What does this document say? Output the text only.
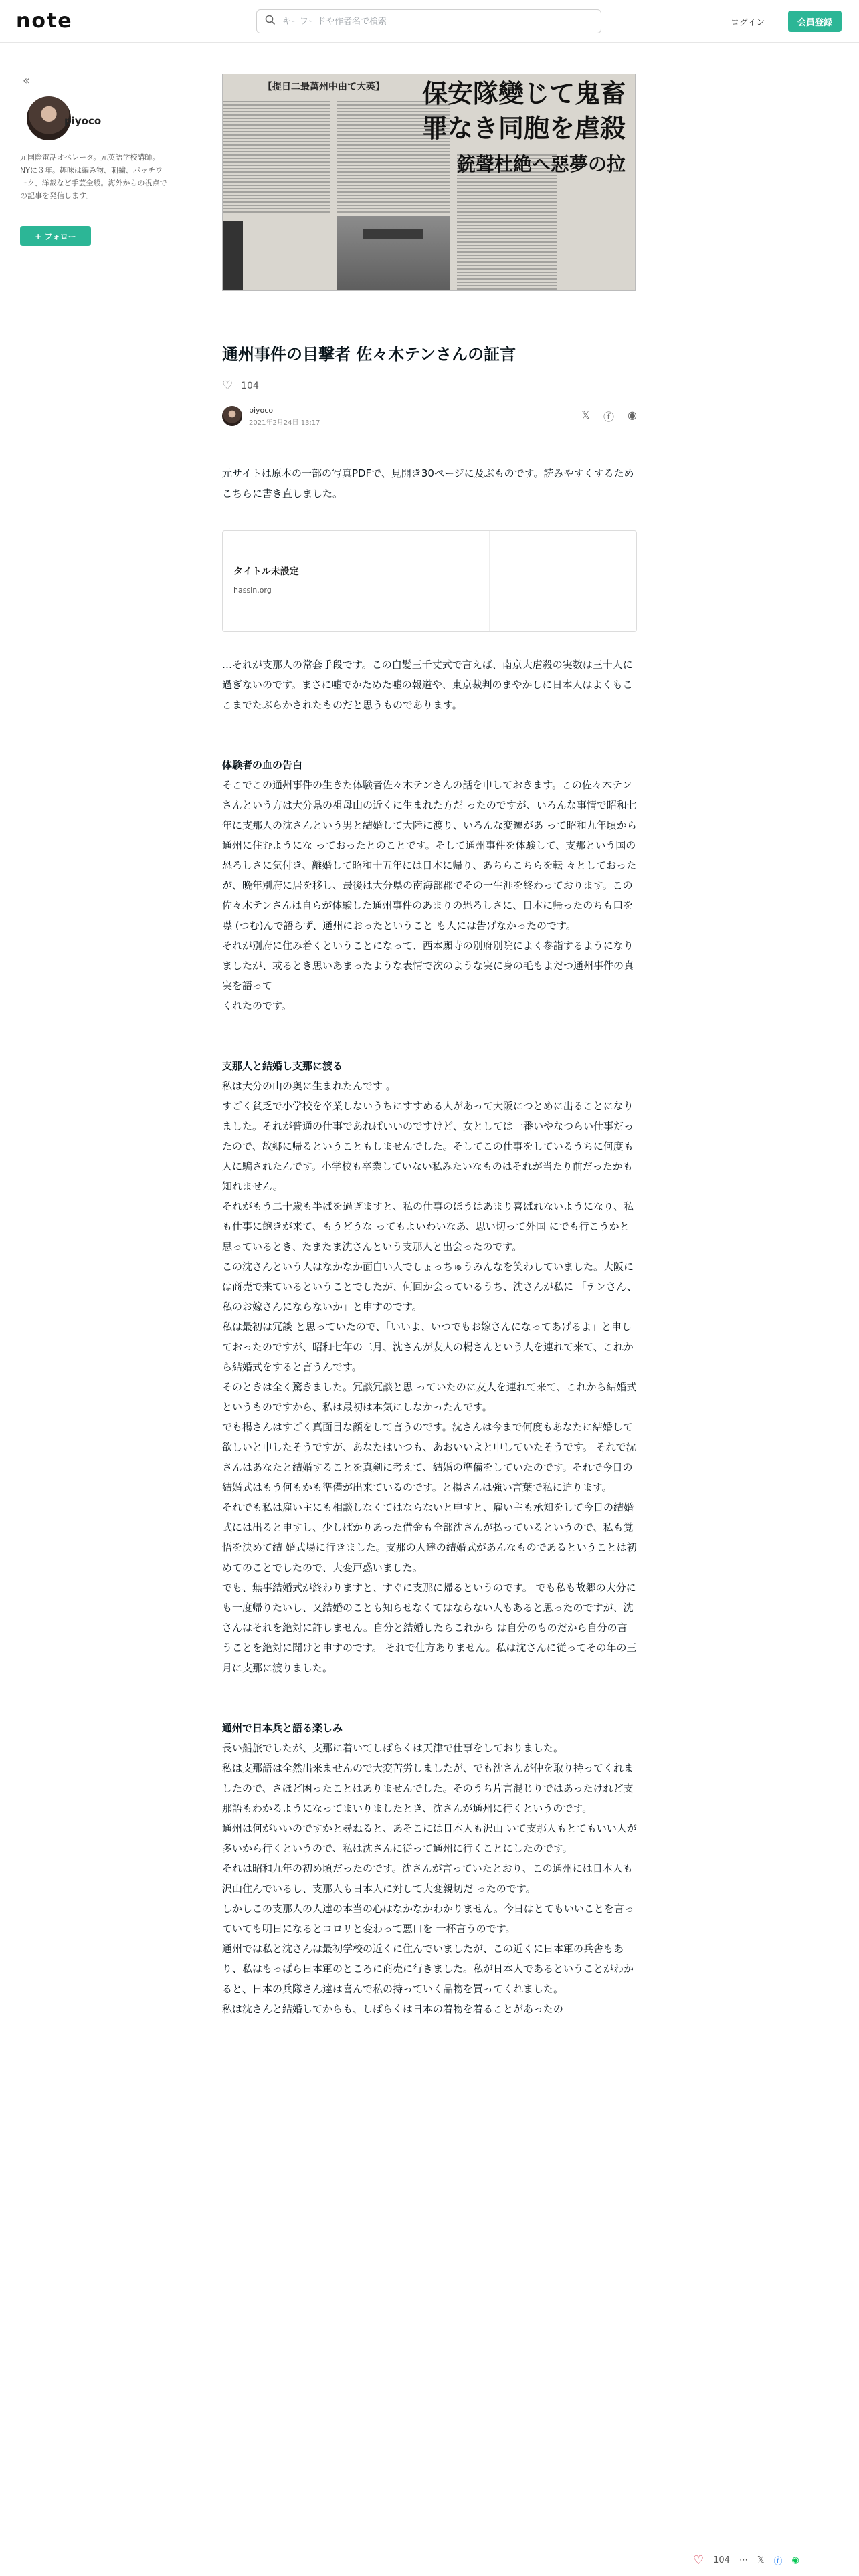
note
キーワードや作者名で検索	ログイン	会員登録
«
piyoco
元国際電話オペレータ。元英語学校講師。NYに３年。趣味は編み物、刺繍、パッチワーク、洋裁など手芸全般。海外からの視点での記事を発信します。
+ フォロー
【提日二最萬州中由て大英】 保安隊變じて鬼畜
罪なき同胞を虐殺
銃聲杜絶へ惡夢の拉
通州事件の目撃者 佐々木テンさんの証言
♡ 104
piyoco
2021年2月24日 13:17
𝕏 ⓕ ◉

元サイトは原本の一部の写真PDFで、見開き30ページに及ぶものです。読みやすくするためこちらに書き直しました。

タイトル未設定
hassin.org

…それが支那人の常套手段です。この白髪三千丈式で言えば、南京大虐殺の実数は三十人に過ぎないのです。まさに嘘でかためた嘘の報道や、東京裁判のまやかしに日本人はよくもここまでたぶらかされたものだと思うものであります。

体験者の血の告白

そこでこの通州事件の生きた体験者佐々木テンさんの話を申しておきます。この佐々木テンさんという方は大分県の祖母山の近くに生まれた方だ ったのですが、いろんな事情で昭和七年に支那人の沈さんという男と結婚して大陸に渡り、いろんな変遷があ って昭和九年頃から通州に住むようにな っておったとのことです。そして通州事件を体験して、支那という国の恐ろしさに気付き、離婚して昭和十五年には日本に帰り、あちらこちらを転 々としておったが、晩年別府に居を移し、最後は大分県の南海部郡でその一生涯を終わっております。この佐々木テンさんは自らが体験した通州事件のあまりの恐ろしさに、日本に帰ったのちも口を噤 (つむ)んで語らず、通州におったということ も人には告げなかったのです。

それが別府に住み着くということになって、西本願寺の別府別院によく参詣するようになりましたが、或るとき思いあまったような表情で次のような実に身の毛もよだつ通州事件の真実を語って

くれたのです。

支那人と結婚し支那に渡る

私は大分の山の奥に生まれたんです 。

すごく貧乏で小学校を卒業しないうちにすすめる人があって大阪につとめに出ることになりました。それが普通の仕事であればいいのですけど、女としては一番いやなつらい仕事だったので、故郷に帰るということもしませんでした。そしてこの仕事をしているうちに何度も人に騙されたんです。小学校も卒業していない私みたいなものはそれが当たり前だったかも知れません。

それがもう二十歳も半ばを過ぎますと、私の仕事のほうはあまり喜ばれないようになり、私も仕事に飽きが来て、もうどうな ってもよいわいなあ、思い切って外国 にでも行こうかと思っているとき、たまたま沈さんという支那人と出会ったのです。

この沈さんという人はなかなか面白い人でしょっちゅうみんなを笑わしていました。大阪には商売で来ているということでしたが、何回か会っているうち、沈さんが私に 「テンさん、私のお嫁さんにならないか」と申すのです。

私は最初は冗談 と思っていたので、「いいよ、いつでもお嫁さんになってあげるよ」と申しておったのですが、昭和七年の二月、沈さんが友人の楊さんという人を連れて来て、これから結婚式をすると言うんです。

そのときは全く驚きました。冗談冗談と思 っていたのに友人を連れて来て、これから結婚式というものですから、私は最初は本気にしなかったんです。

でも楊さんはすごく真面目な顔をして言うのです。沈さんは今まで何度もあなたに結婚して欲しいと申したそうですが、あなたはいつも、あおいいよと申していたそうです。 それで沈さんはあなたと結婚することを真剣に考えて、結婚の準備をしていたのです。それで今日の結婚式はもう何もかも準備が出来ているのです。と楊さんは強い言葉で私に迫ります。

それでも私は雇い主にも相談しなくてはならないと申すと、雇い主も承知をして今日の結婚式には出ると申すし、少しばかりあった借金も全部沈さんが払っているというので、私も覚悟を決めて結 婚式場に行きました。支那の人達の結婚式があんなものであるということは初めてのことでしたので、大変戸惑いました。

でも、無事結婚式が終わりますと、すぐに支那に帰るというのです。 でも私も故郷の大分にも一度帰りたいし、又結婚のことも知らせなくてはならない人もあると思ったのですが、沈さんはそれを絶対に許しません。自分と結婚したらこれから は自分のものだから自分の言うことを絶対に聞けと申すのです。 それで仕方ありません。私は沈さんに従ってその年の三月に支那に渡りました。

通州で日本兵と語る楽しみ

長い船旅でしたが、支那に着いてしばらくは天津で仕事をしておりました。

私は支那語は全然出来ませんので大変苦労しましたが、でも沈さんが仲を取り持ってくれましたので、さほど困ったことはありませんでした。そのうち片言混じりではあったけれど支那語もわかるようになってまいりましたとき、沈さんが通州に行くというのです。

通州は何がいいのですかと尋ねると、あそこには日本人も沢山 いて支那人もとてもいい人が多いから行くというので、私は沈さんに従って通州に行くことにしたのです。

それは昭和九年の初め頃だったのです。沈さんが言っていたとおり、この通州には日本人も沢山住んでいるし、支那人も日本人に対して大変親切だ ったのです。

しかしこの支那人の人達の本当の心はなかなかわかりません。今日はとてもいいことを言っていても明日になるとコロリと変わって悪口を 一杯言うのです。

通州では私と沈さんは最初学校の近くに住んでいましたが、この近くに日本軍の兵舎もあり、私はもっぱら日本軍のところに商売に行きました。私が日本人であるということがわかると、日本の兵隊さん達は喜んで私の持っていく品物を買ってくれました。

私は沈さんと結婚してからも、しばらくは日本の着物を着ることがあったの

♡ 104 ⋯ 𝕏 ⓕ ◉
